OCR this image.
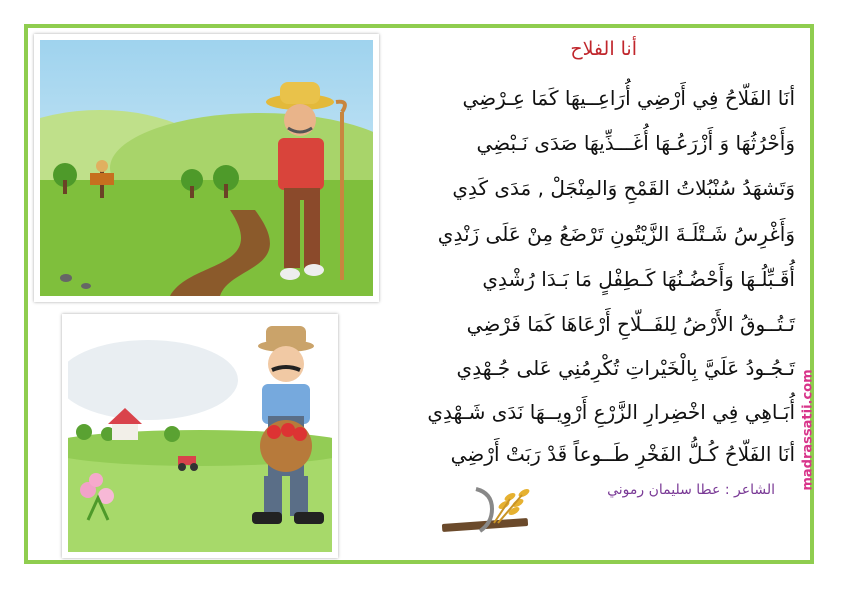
أنا الفلاح
أنَا الفَلّاحُ فِي أَرْضِي أُرَاعِــيهَا كَمَا عِـرْضِي
وَأَحْرُثُهَا وَ أَزْرَعُـهَا أُغَـــذِّيهَا صَدَى نَـبْضِي
وَتَشهَدُ سُنْبُلاتُ القَمْحِ وَالمِنْجَلْ , مَدَى كَدِي
وَأَغْرِسُ شَـتْلَـةَ الزَّيْتُونِ تَرْضَعُ مِنْ عَلَى زَنْدِي
أُقَـبِّلُـهَا وَأَحْضُـنُهَا كَـطِفْلٍ مَا بَـدَا رُشْدِي
تَـتُــوقُ الأَرْضُ لِلفَــلّاحِ أَرْعَاهَا كَمَا فَرْضِي
تَـجُـودُ عَلَيَّ بِالْخَيْراتِ تُكْرِمُنِي عَلى جُـهْدِي
أُبَـاهِي فِي اخْضِرارِ الزَّرْعِ أَرْوِيــهَا نَدَى شَـهْدِي
أنَا الفَلّاحُ كُـلُّ الفَخْرِ طَــوعاً قَدْ رَبَتْ أَرْضِي
الشاعر : عطا سليمان رموني madrassatii.com
